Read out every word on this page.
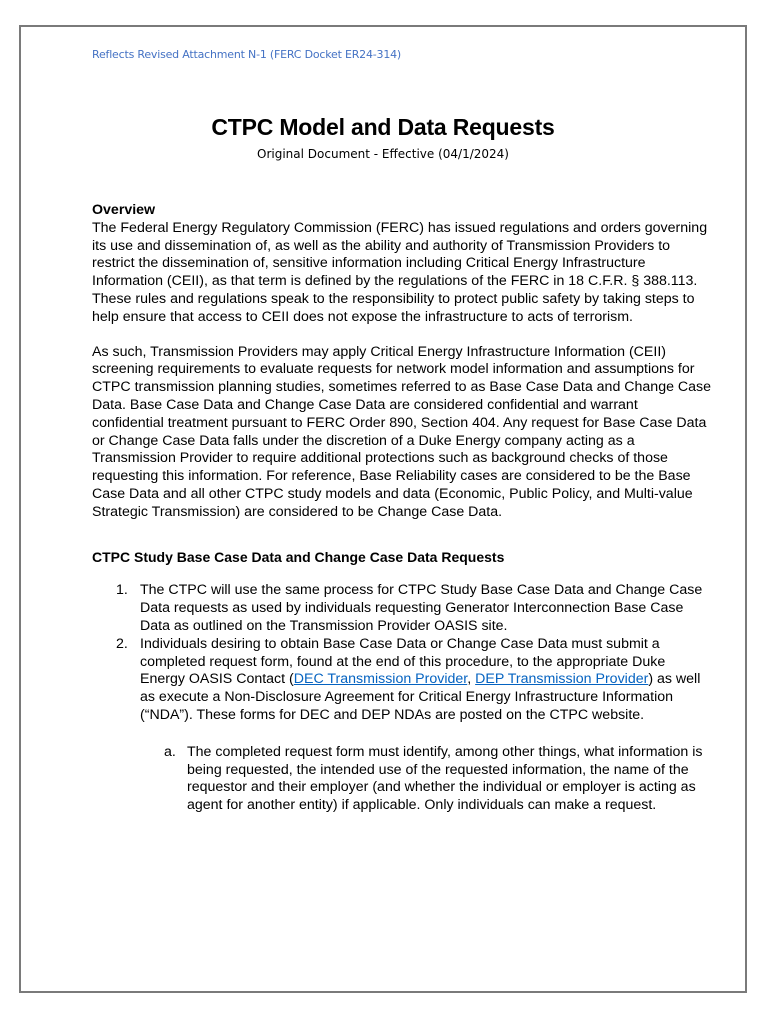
Reflects Revised Attachment N-1 (FERC Docket ER24-314)
CTPC Model and Data Requests
Original Document - Effective (04/1/2024)

Overview

The Federal Energy Regulatory Commission (FERC) has issued regulations and orders governing its use and dissemination of, as well as the ability and authority of Transmission Providers to restrict the dissemination of, sensitive information including Critical Energy Infrastructure Information (CEII), as that term is defined by the regulations of the FERC in 18 C.F.R. § 388.113. These rules and regulations speak to the responsibility to protect public safety by taking steps to help ensure that access to CEII does not expose the infrastructure to acts of terrorism.

As such, Transmission Providers may apply Critical Energy Infrastructure Information (CEII) screening requirements to evaluate requests for network model information and assumptions for CTPC transmission planning studies, sometimes referred to as Base Case Data and Change Case Data. Base Case Data and Change Case Data are considered confidential and warrant confidential treatment pursuant to FERC Order 890, Section 404. Any request for Base Case Data or Change Case Data falls under the discretion of a Duke Energy company acting as a Transmission Provider to require additional protections such as background checks of those requesting this information. For reference, Base Reliability cases are considered to be the Base Case Data and all other CTPC study models and data (Economic, Public Policy, and Multi-value Strategic Transmission) are considered to be Change Case Data.

CTPC Study Base Case Data and Change Case Data Requests

1. The CTPC will use the same process for CTPC Study Base Case Data and Change Case Data requests as used by individuals requesting Generator Interconnection Base Case Data as outlined on the Transmission Provider OASIS site.
2. Individuals desiring to obtain Base Case Data or Change Case Data must submit a completed request form, found at the end of this procedure, to the appropriate Duke Energy OASIS Contact (DEC Transmission Provider, DEP Transmission Provider) as well as execute a Non-Disclosure Agreement for Critical Energy Infrastructure Information (“NDA”). These forms for DEC and DEP NDAs are posted on the CTPC website.
a. The completed request form must identify, among other things, what information is being requested, the intended use of the requested information, the name of the requestor and their employer (and whether the individual or employer is acting as agent for another entity) if applicable. Only individuals can make a request.
